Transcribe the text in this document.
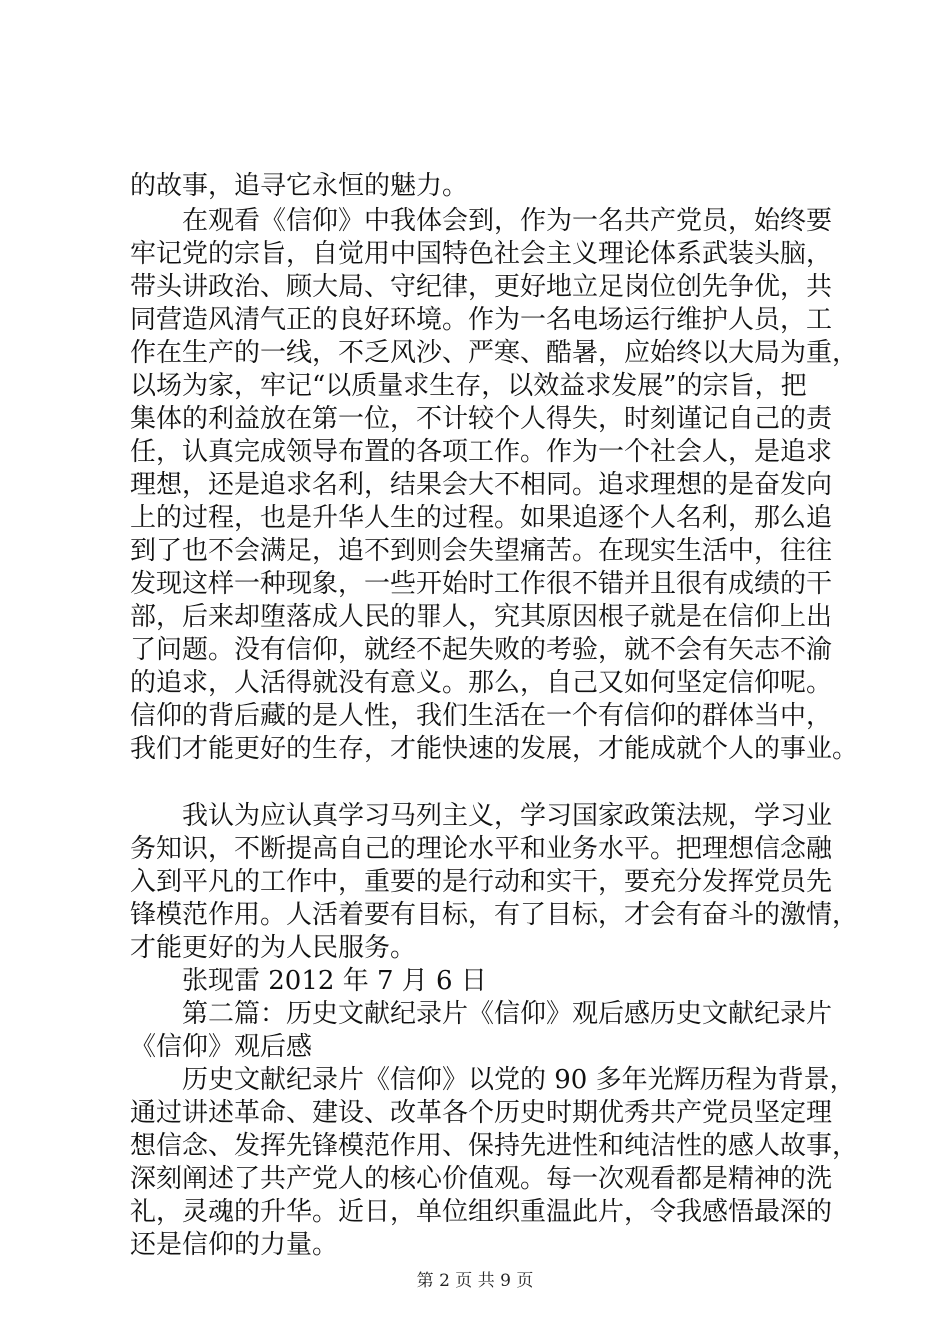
的故事，追寻它永恒的魅力。
　　在观看《信仰》中我体会到，作为一名共产党员，始终要
牢记党的宗旨，自觉用中国特色社会主义理论体系武装头脑，
带头讲政治、顾大局、守纪律，更好地立足岗位创先争优，共
同营造风清气正的良好环境。作为一名电场运行维护人员，工
作在生产的一线，不乏风沙、严寒、酷暑，应始终以大局为重，
以场为家，牢记“以质量求生存，以效益求发展”的宗旨，把
集体的利益放在第一位，不计较个人得失，时刻谨记自己的责
任，认真完成领导布置的各项工作。作为一个社会人，是追求
理想，还是追求名利，结果会大不相同。追求理想的是奋发向
上的过程，也是升华人生的过程。如果追逐个人名利，那么追
到了也不会满足，追不到则会失望痛苦。在现实生活中，往往
发现这样一种现象，一些开始时工作很不错并且很有成绩的干
部，后来却堕落成人民的罪人，究其原因根子就是在信仰上出
了问题。没有信仰，就经不起失败的考验，就不会有矢志不渝
的追求，人活得就没有意义。那么，自己又如何坚定信仰呢。
信仰的背后藏的是人性，我们生活在一个有信仰的群体当中，
我们才能更好的生存，才能快速的发展，才能成就个人的事业。
　　我认为应认真学习马列主义，学习国家政策法规，学习业
务知识，不断提高自己的理论水平和业务水平。把理想信念融
入到平凡的工作中，重要的是行动和实干，要充分发挥党员先
锋模范作用。人活着要有目标，有了目标，才会有奋斗的激情，
才能更好的为人民服务。
　　张现雷 2012 年 7 月 6 日
　　第二篇：历史文献纪录片《信仰》观后感历史文献纪录片
《信仰》观后感
　　历史文献纪录片《信仰》以党的 90 多年光辉历程为背景，
通过讲述革命、建设、改革各个历史时期优秀共产党员坚定理
想信念、发挥先锋模范作用、保持先进性和纯洁性的感人故事，
深刻阐述了共产党人的核心价值观。每一次观看都是精神的洗
礼，灵魂的升华。近日，单位组织重温此片，令我感悟最深的
还是信仰的力量。
第 2 页 共 9 页
